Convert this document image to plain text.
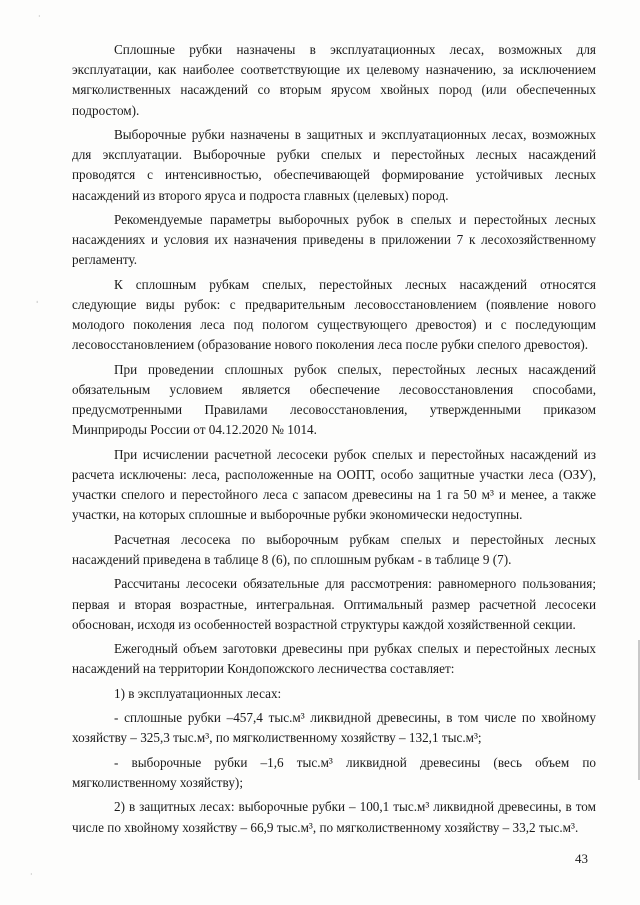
Сплошные рубки назначены в эксплуатационных лесах, возможных для эксплуатации, как наиболее соответствующие их целевому назначению, за исключением мягколиственных насаждений со вторым ярусом хвойных пород (или обеспеченных подростом).

Выборочные рубки назначены в защитных и эксплуатационных лесах, возможных для эксплуатации. Выборочные рубки спелых и перестойных лесных насаждений проводятся с интенсивностью, обеспечивающей формирование устойчивых лесных насаждений из второго яруса и подроста главных (целевых) пород.

Рекомендуемые параметры выборочных рубок в спелых и перестойных лесных насаждениях и условия их назначения приведены в приложении 7 к лесохозяйственному регламенту.

К сплошным рубкам спелых, перестойных лесных насаждений относятся следующие виды рубок: с предварительным лесовосстановлением (появление нового молодого поколения леса под пологом существующего древостоя) и с последующим лесовосстановлением (образование нового поколения леса после рубки спелого древостоя).

При проведении сплошных рубок спелых, перестойных лесных насаждений обязательным условием является обеспечение лесовосстановления способами, предусмотренными Правилами лесовосстановления, утвержденными приказом Минприроды России от 04.12.2020 № 1014.

При исчислении расчетной лесосеки рубок спелых и перестойных насаждений из расчета исключены: леса, расположенные на ООПТ, особо защитные участки леса (ОЗУ), участки спелого и перестойного леса с запасом древесины на 1 га 50 м³ и менее, а также участки, на которых сплошные и выборочные рубки экономически недоступны.

Расчетная лесосека по выборочным рубкам спелых и перестойных лесных насаждений приведена в таблице 8 (6), по сплошным рубкам - в таблице 9 (7).

Рассчитаны лесосеки обязательные для рассмотрения: равномерного пользования; первая и вторая возрастные, интегральная. Оптимальный размер расчетной лесосеки обоснован, исходя из особенностей возрастной структуры каждой хозяйственной секции.

Ежегодный объем заготовки древесины при рубках спелых и перестойных лесных насаждений на территории Кондопожского лесничества составляет:

1) в эксплуатационных лесах:

- сплошные рубки –457,4 тыс.м³ ликвидной древесины, в том числе по хвойному хозяйству – 325,3 тыс.м³, по мягколиственному хозяйству – 132,1 тыс.м³;

- выборочные рубки –1,6 тыс.м³ ликвидной древесины (весь объем по мягколиственному хозяйству);

2) в защитных лесах: выборочные рубки – 100,1 тыс.м³ ликвидной древесины, в том числе по хвойному хозяйству – 66,9 тыс.м³, по мягколиственному хозяйству – 33,2 тыс.м³.

43
·
ˈ
·
